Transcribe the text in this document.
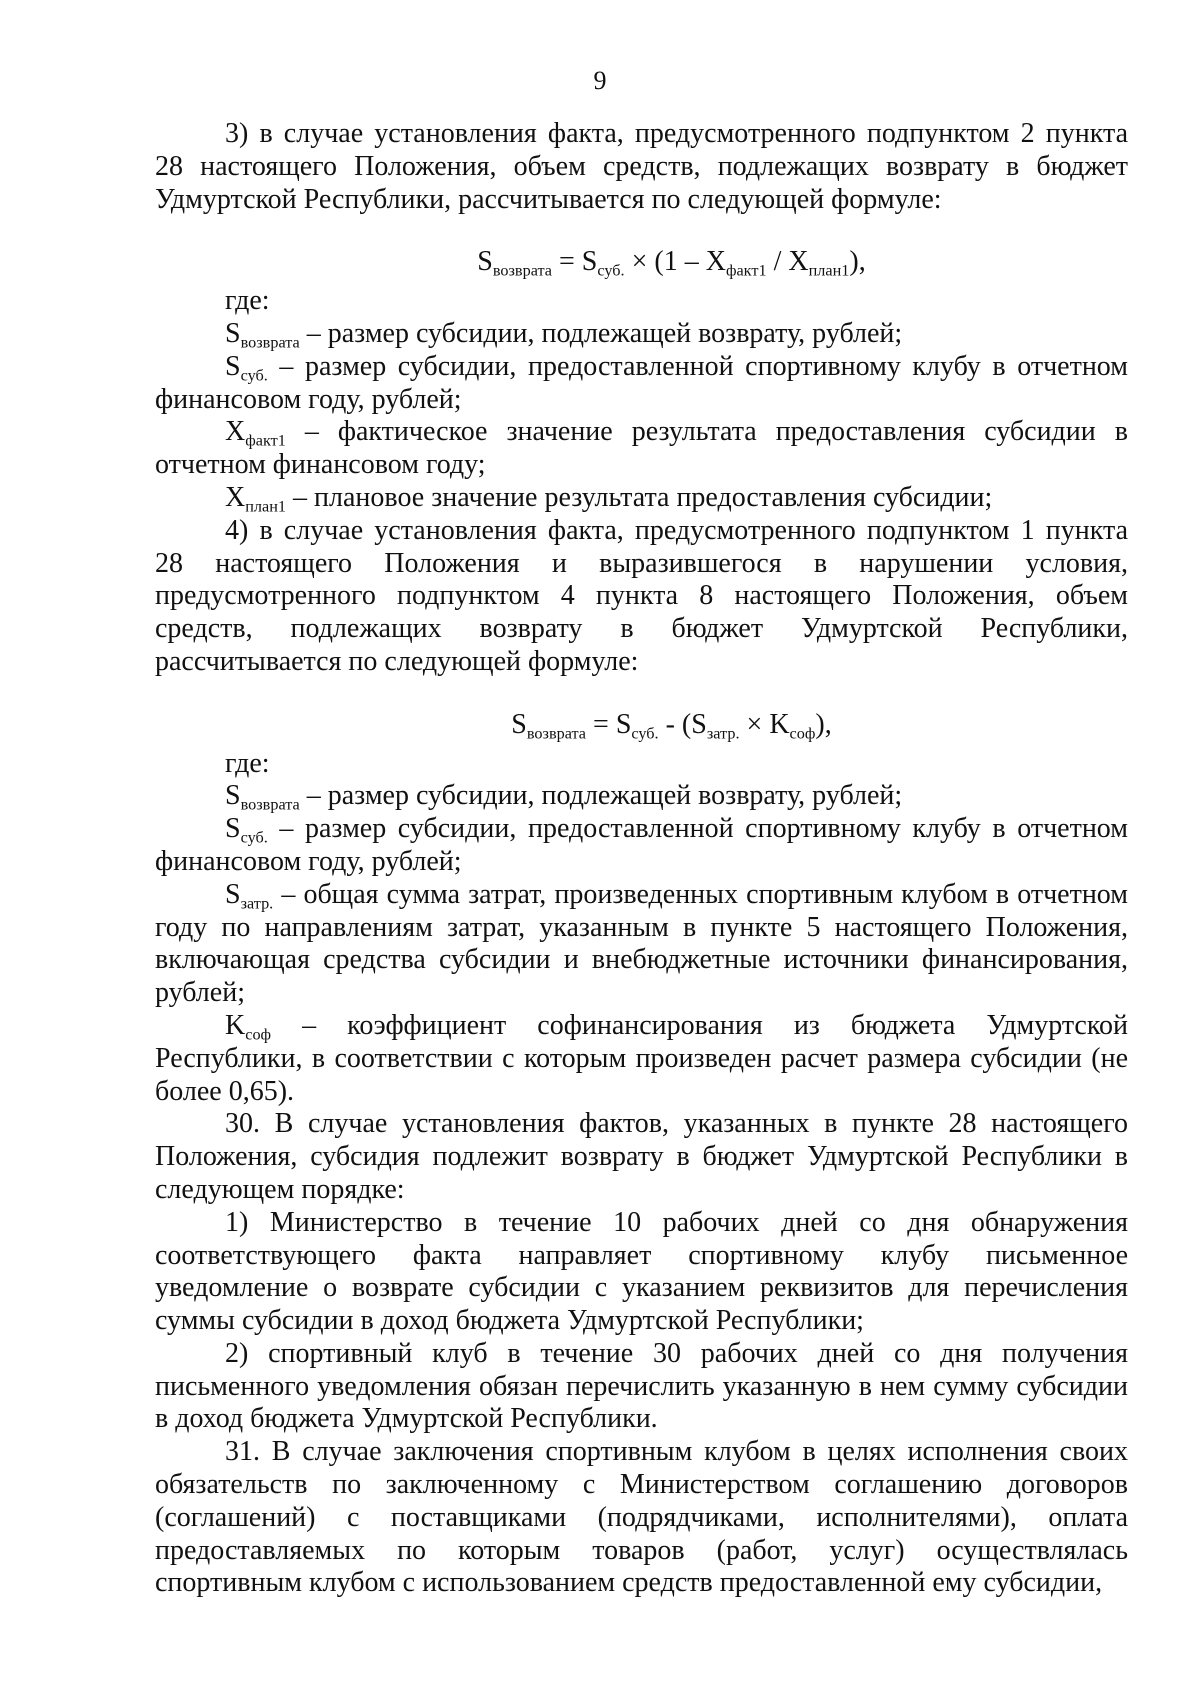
9

3) в случае установления факта, предусмотренного подпунктом 2 пункта 28 настоящего Положения, объем средств, подлежащих возврату в бюджет Удмуртской Республики, рассчитывается по следующей формуле:

$S_{возврата} = S_{суб.} \times (1 - X_{факт1} / X_{план1})$,

где:

$S_{возврата}$ – размер субсидии, подлежащей возврату, рублей;

$S_{суб.}$ – размер субсидии, предоставленной спортивному клубу в отчетном финансовом году, рублей;

$X_{факт1}$ – фактическое значение результата предоставления субсидии в отчетном финансовом году;

$X_{план1}$ – плановое значение результата предоставления субсидии;

4) в случае установления факта, предусмотренного подпунктом 1 пункта 28 настоящего Положения и выразившегося в нарушении условия, предусмотренного подпунктом 4 пункта 8 настоящего Положения, объем средств, подлежащих возврату в бюджет Удмуртской Республики, рассчитывается по следующей формуле:

$S_{возврата} = S_{суб.} - (S_{затр.} \times K_{соф})$,

где:

$S_{возврата}$ – размер субсидии, подлежащей возврату, рублей;

$S_{суб.}$ – размер субсидии, предоставленной спортивному клубу в отчетном финансовом году, рублей;

$S_{затр.}$ – общая сумма затрат, произведенных спортивным клубом в отчетном году по направлениям затрат, указанным в пункте 5 настоящего Положения, включающая средства субсидии и внебюджетные источники финансирования, рублей;

$K_{соф}$ – коэффициент софинансирования из бюджета Удмуртской Республики, в соответствии с которым произведен расчет размера субсидии (не более 0,65).

30. В случае установления фактов, указанных в пункте 28 настоящего Положения, субсидия подлежит возврату в бюджет Удмуртской Республики в следующем порядке:

1) Министерство в течение 10 рабочих дней со дня обнаружения соответствующего факта направляет спортивному клубу письменное уведомление о возврате субсидии с указанием реквизитов для перечисления суммы субсидии в доход бюджета Удмуртской Республики;

2) спортивный клуб в течение 30 рабочих дней со дня получения письменного уведомления обязан перечислить указанную в нем сумму субсидии в доход бюджета Удмуртской Республики.

31. В случае заключения спортивным клубом в целях исполнения своих обязательств по заключенному с Министерством соглашению договоров (соглашений) с поставщиками (подрядчиками, исполнителями), оплата предоставляемых по которым товаров (работ, услуг) осуществлялась спортивным клубом с использованием средств предоставленной ему субсидии,
